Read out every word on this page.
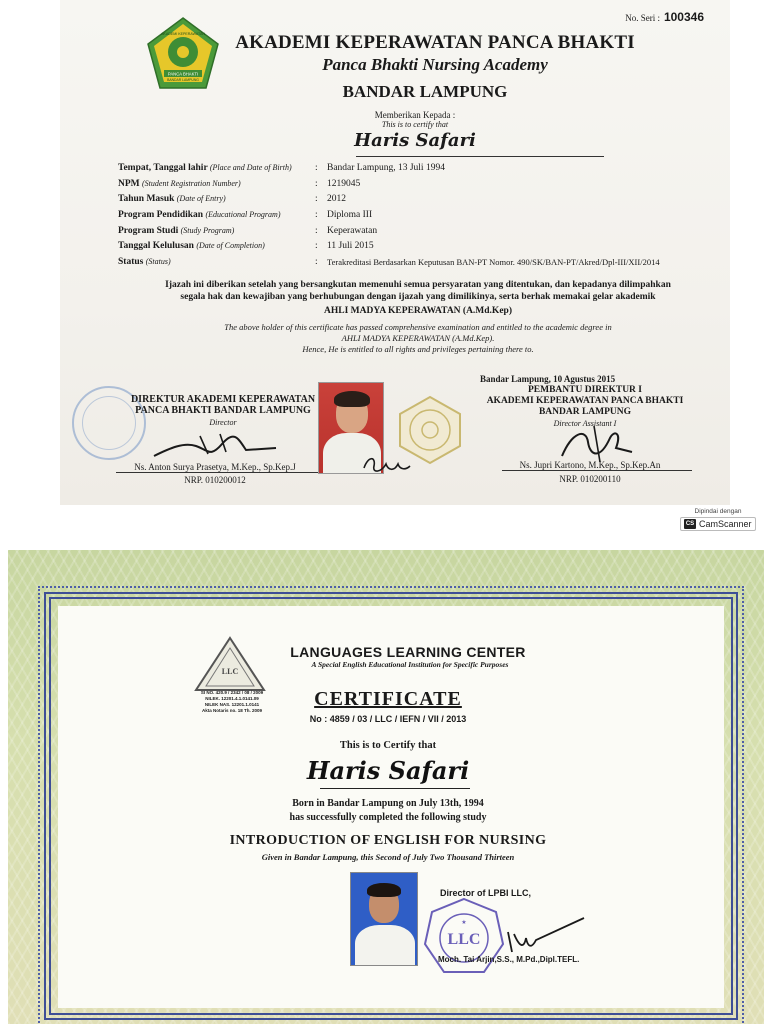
No. Seri : 100346
PANCA BHAKTI
AKADEMI KEPERAWATAN
BANDAR LAMPUNG
AKADEMI KEPERAWATAN PANCA BHAKTI
Panca Bhakti Nursing Academy
BANDAR LAMPUNG
Memberikan Kepada :
This is to certify that
Haris Safari
Tempat, Tanggal lahir (Place and Date of Birth)	: Bandar Lampung, 13 Juli 1994
NPM (Student Registration Number)	: 1219045
Tahun Masuk (Date of Entry)	: 2012
Program Pendidikan (Educational Program)	: Diploma III
Program Studi (Study Program)	: Keperawatan
Tanggal Kelulusan (Date of Completion)	: 11 Juli 2015
Status (Status)	:	Terakreditasi Berdasarkan Keputusan BAN-PT Nomor. 490/SK/BAN-PT/Akred/Dpl-III/XII/2014
Ijazah ini diberikan setelah yang bersangkutan memenuhi semua persyaratan yang ditentukan, dan kepadanya dilimpahkan
segala hak dan kewajiban yang berhubungan dengan ijazah yang dimilikinya, serta berhak memakai gelar akademik
AHLI MADYA KEPERAWATAN (A.Md.Kep)
The above holder of this certificate has passed comprehensive examination and entitled to the academic degree in
AHLI MADYA KEPERAWATAN (A.Md.Kep).
Hence, He is entitled to all rights and privileges pertaining there to.
DIREKTUR AKADEMI KEPERAWATAN
PANCA BHAKTI BANDAR LAMPUNG
Director
Ns. Anton Surya Prasetya, M.Kep., Sp.Kep.J
NRP. 010200012
Bandar Lampung, 10 Agustus 2015
PEMBANTU DIREKTUR I
AKADEMI KEPERAWATAN PANCA BHAKTI
BANDAR LAMPUNG
Director Assistant I
Ns. Jupri Kartono, M.Kep., Sp.Kep.An
NRP. 010200110
Dipindai dengan
CS CamScanner
LLC
SI NO. 420.9 / 2342 / 08 / 2009
NILEK. 12201.4.1.0141.09
NILEK NAS. 12201.1.0141
Akta Notaris no. 18 Th. 2009
LANGUAGES LEARNING CENTER
A Special English Educational Institution for Specific Purposes
CERTIFICATE
No : 4859 / 03 / LLC / IEFN / VII / 2013
This is to Certify that
Haris Safari
Born in Bandar Lampung on July 13th, 1994
has successfully completed the following study
INTRODUCTION OF ENGLISH FOR NURSING
Given in Bandar Lampung, this Second of July Two Thousand Thirteen
Director of LPBI LLC,
LLC
★
Moch. Tai Arjin,S.S., M.Pd.,Dipl.TEFL.
